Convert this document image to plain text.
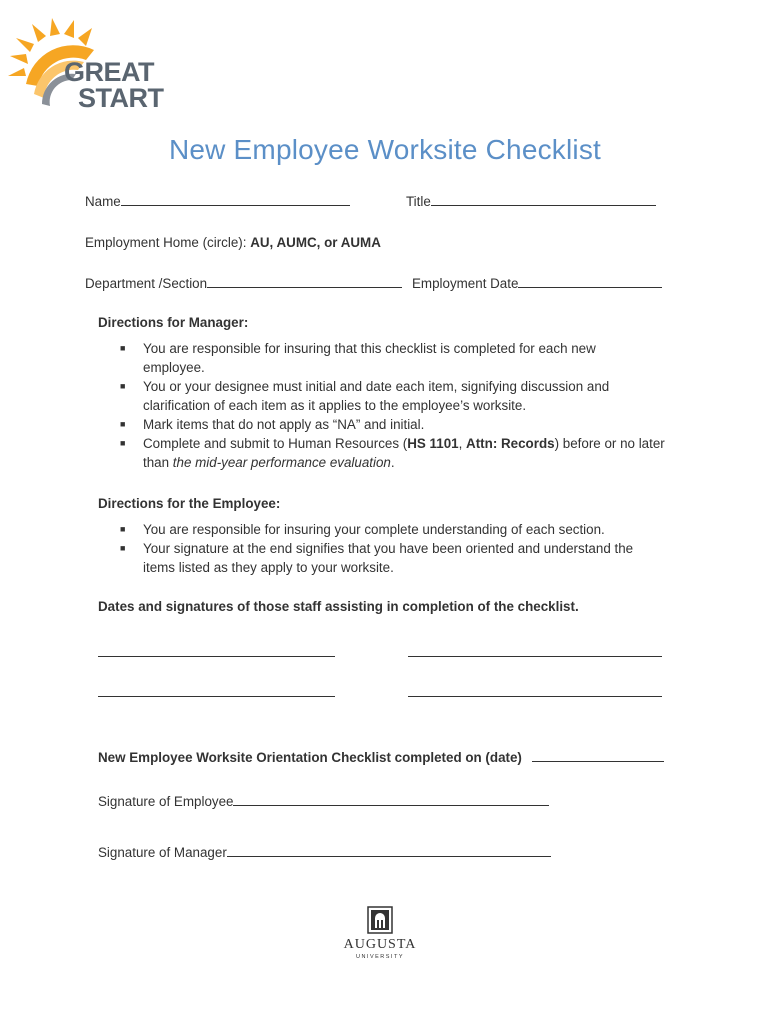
GREAT
START
New Employee Worksite Checklist
Name	Title
Employment Home (circle): AU, AUMC, or AUMA
Department /Section	Employment Date
Directions for Manager:
■ You are responsible for insuring that this checklist is completed for each new
employee.
■ You or your designee must initial and date each item, signifying discussion and
clarification of each item as it applies to the employee’s worksite.
■ Mark items that do not apply as “NA” and initial.
■ Complete and submit to Human Resources (HS 1101, Attn: Records) before or no later
than the mid-year performance evaluation.
Directions for the Employee:
■ You are responsible for insuring your complete understanding of each section.
■ Your signature at the end signifies that you have been oriented and understand the
items listed as they apply to your worksite.
Dates and signatures of those staff assisting in completion of the checklist.
New Employee Worksite Orientation Checklist completed on (date)
Signature of Employee
Signature of Manager
AUGUSTA
UNIVERSITY
